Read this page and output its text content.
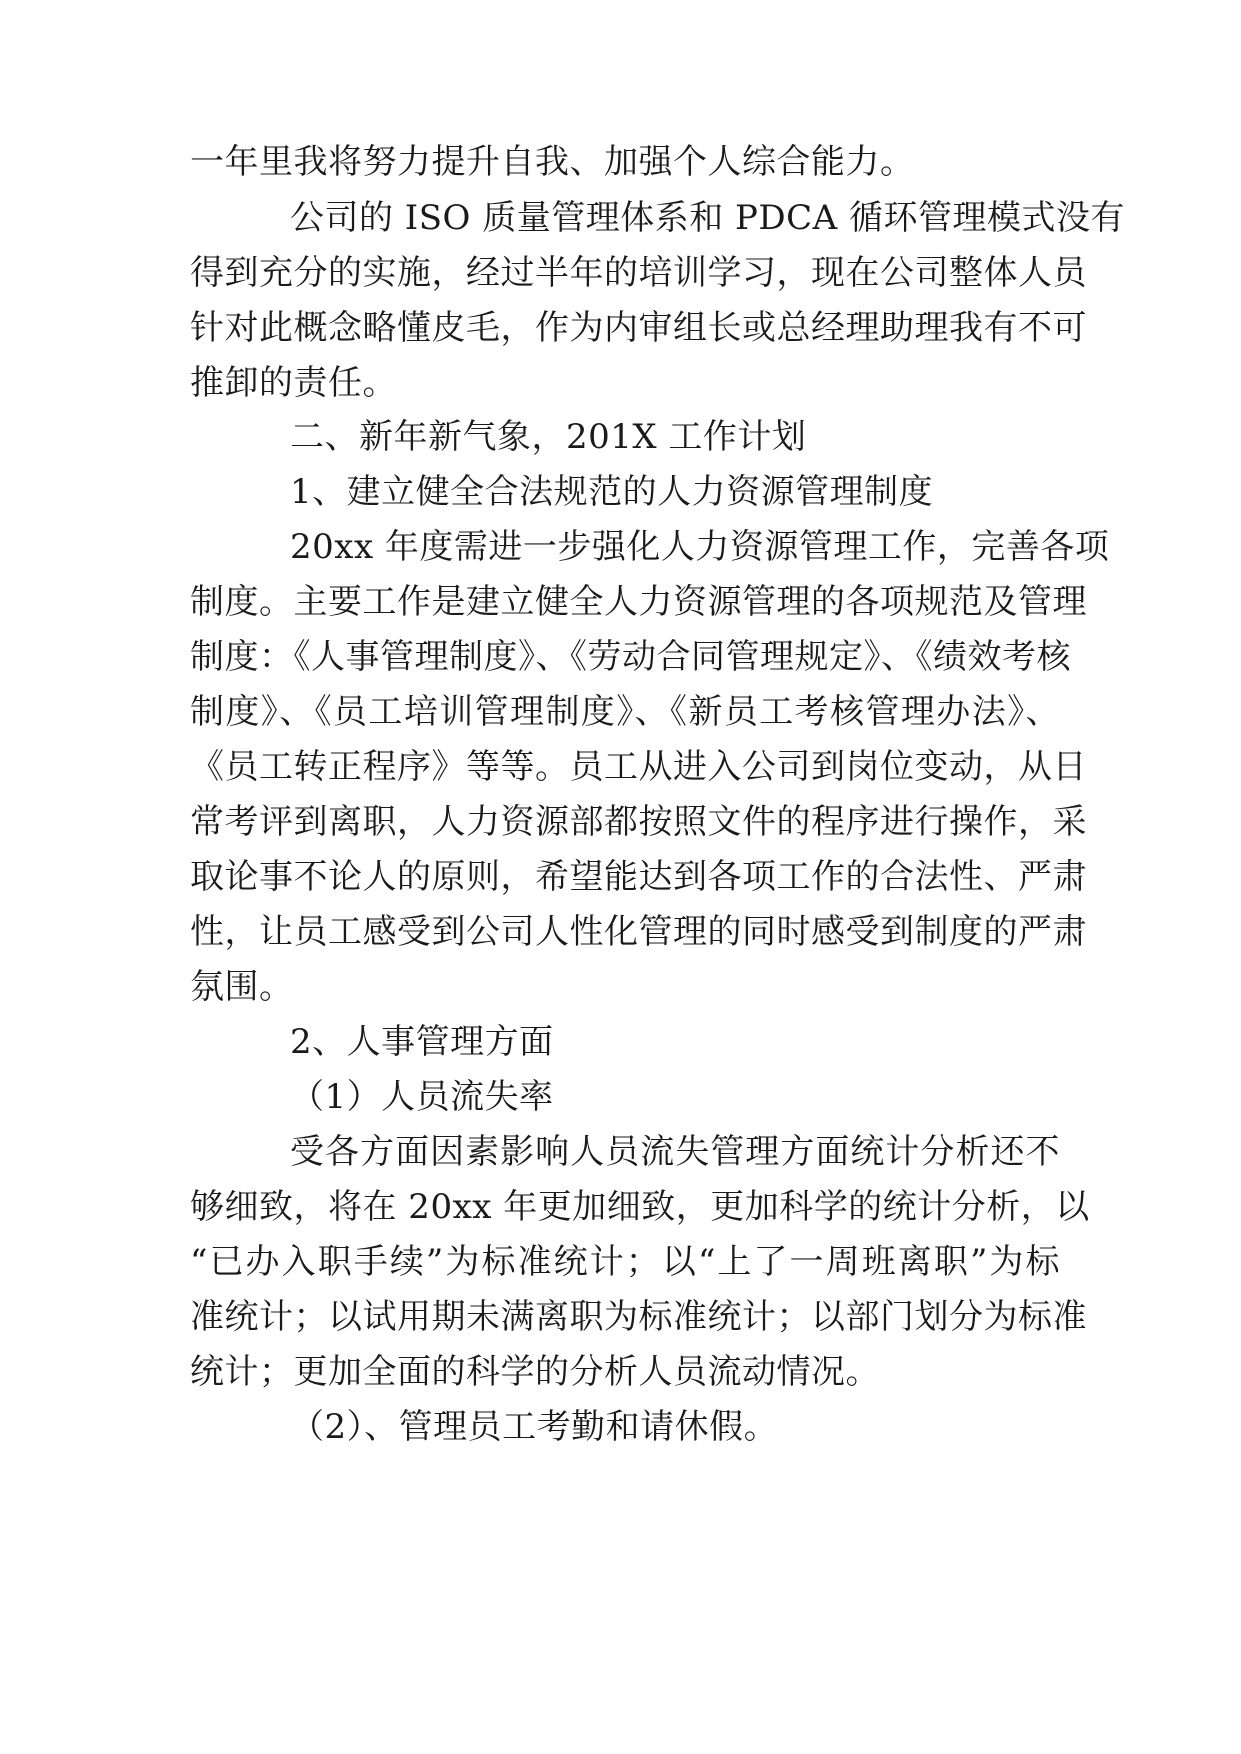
一年里我将努力提升自我、加强个人综合能力。
公司的 ISO 质量管理体系和 PDCA 循环管理模式没有
得到充分的实施，经过半年的培训学习，现在公司整体人员
针对此概念略懂皮毛，作为内审组长或总经理助理我有不可
推卸的责任。
二、新年新气象，201X 工作计划
1、建立健全合法规范的人力资源管理制度
20xx 年度需进一步强化人力资源管理工作，完善各项
制度。主要工作是建立健全人力资源管理的各项规范及管理
制度：《人事管理制度》、《劳动合同管理规定》、《绩效考核
制度》、《员工培训管理制度》、《新员工考核管理办法》、
《员工转正程序》等等。员工从进入公司到岗位变动，从日
常考评到离职，人力资源部都按照文件的程序进行操作，采
取论事不论人的原则，希望能达到各项工作的合法性、严肃
性，让员工感受到公司人性化管理的同时感受到制度的严肃
氛围。
2、人事管理方面
（1）人员流失率
受各方面因素影响人员流失管理方面统计分析还不
够细致，将在 20xx 年更加细致，更加科学的统计分析，以
“已办入职手续”为标准统计；以“上了一周班离职”为标
准统计；以试用期未满离职为标准统计；以部门划分为标准
统计；更加全面的科学的分析人员流动情况。
（2）、管理员工考勤和请休假。
